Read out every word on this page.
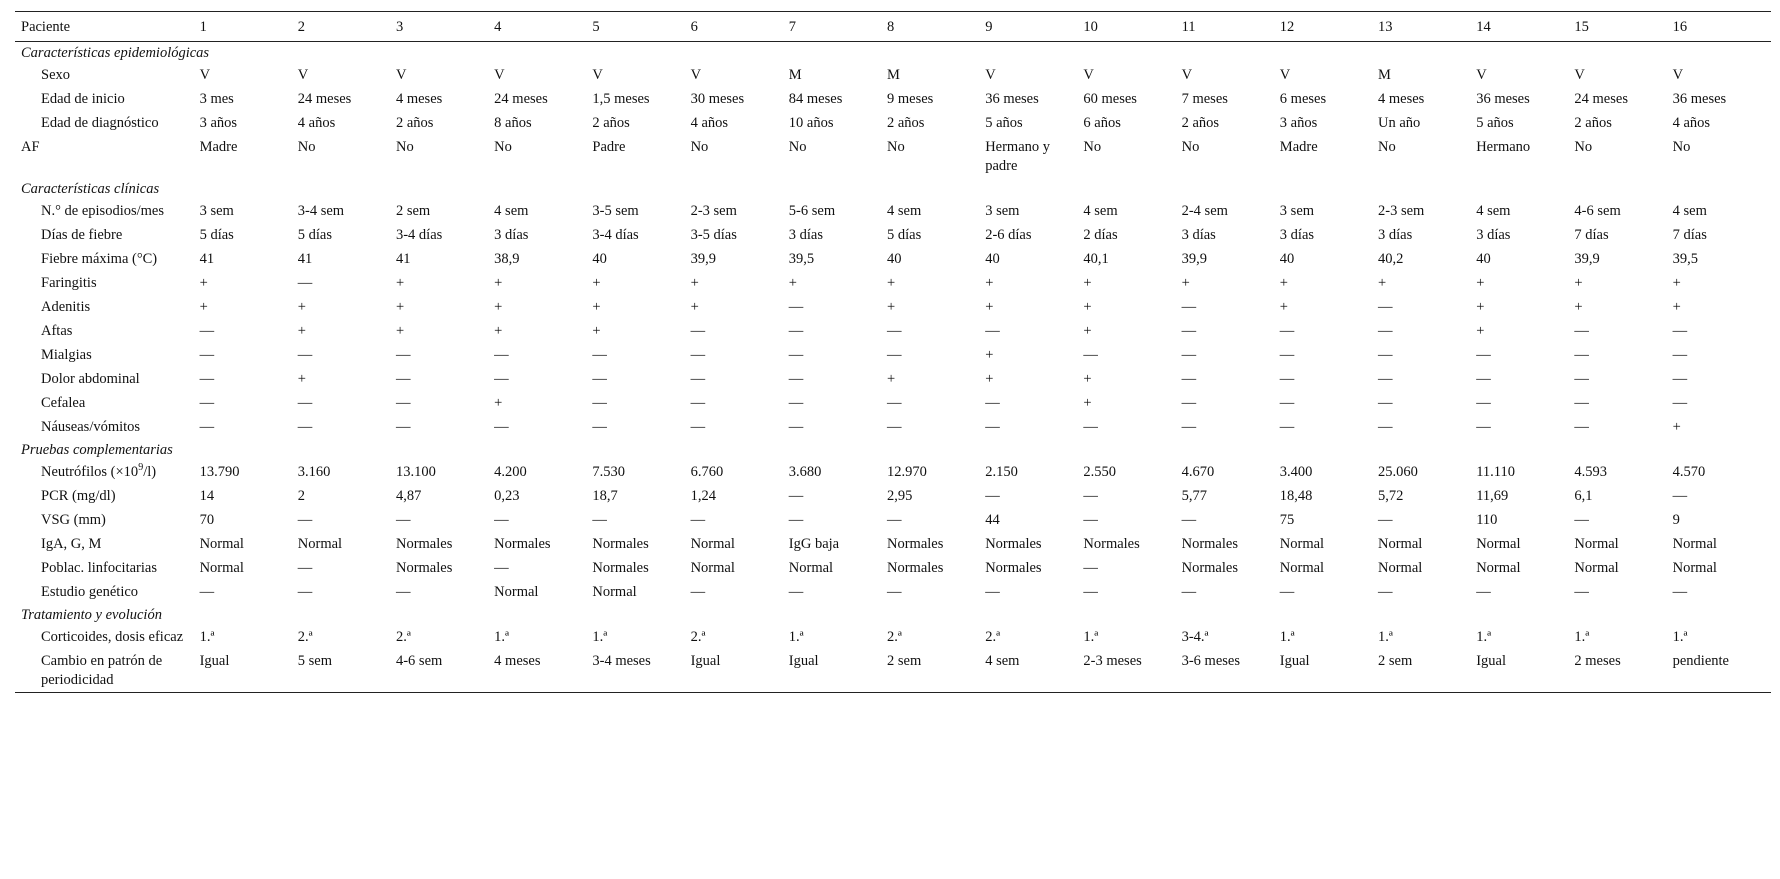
Paciente	1	2	3	4	5	6	7	8	9	10	11	12	13	14	15	16
Características epidemiológicas																
Sexo	V	V	V	V	V	V	M	M	V	V	V	V	M	V	V	V
Edad de inicio	3 mes	24 meses	4 meses	24 meses	1,5 meses	30 meses	84 meses	9 meses	36 meses	60 meses	7 meses	6 meses	4 meses	36 meses	24 meses	36 meses
Edad de diagnóstico	3 años	4 años	2 años	8 años	2 años	4 años	10 años	2 años	5 años	6 años	2 años	3 años	Un año	5 años	2 años	4 años
AF	Madre	No	No	No	Padre	No	No	No	Hermano y padre	No	No	Madre	No	Hermano	No	No
Características clínicas																
N.° de episodios/mes	3 sem	3-4 sem	2 sem	4 sem	3-5 sem	2-3 sem	5-6 sem	4 sem	3 sem	4 sem	2-4 sem	3 sem	2-3 sem	4 sem	4-6 sem	4 sem
Días de fiebre	5 días	5 días	3-4 días	3 días	3-4 días	3-5 días	3 días	5 días	2-6 días	2 días	3 días	3 días	3 días	3 días	7 días	7 días
Fiebre máxima (°C)	41	41	41	38,9	40	39,9	39,5	40	40	40,1	39,9	40	40,2	40	39,9	39,5
Faringitis	+	—	+	+	+	+	+	+	+	+	+	+	+	+	+	+
Adenitis	+	+	+	+	+	+	—	+	+	+	—	+	—	+	+	+
Aftas	—	+	+	+	+	—	—	—	—	+	—	—	—	+	—	—
Mialgias	—	—	—	—	—	—	—	—	+	—	—	—	—	—	—	—
Dolor abdominal	—	+	—	—	—	—	—	+	+	+	—	—	—	—	—	—
Cefalea	—	—	—	+	—	—	—	—	—	+	—	—	—	—	—	—
Náuseas/vómitos	—	—	—	—	—	—	—	—	—	—	—	—	—	—	—	+
Pruebas complementarias																
Neutrófilos $(\times 10^9/l)$	13.790	3.160	13.100	4.200	7.530	6.760	3.680	12.970	2.150	2.550	4.670	3.400	25.060	11.110	4.593	4.570
PCR (mg/dl)	14	2	4,87	0,23	18,7	1,24	—	2,95	—	—	5,77	18,48	5,72	11,69	6,1	—
VSG (mm)	70	—	—	—	—	—	—	—	44	—	—	75	—	110	—	9
IgA, G, M	Normal	Normal	Normales	Normales	Normales	Normal	IgG baja	Normales	Normales	Normales	Normales	Normal	Normal	Normal	Normal	Normal
Poblac. linfocitarias	Normal	—	Normales	—	Normales	Normal	Normal	Normales	Normales	—	Normales	Normal	Normal	Normal	Normal	Normal
Estudio genético	—	—	—	Normal	Normal	—	—	—	—	—	—	—	—	—	—	—
Tratamiento y evolución																
Corticoides, dosis eficaz	1.ª	2.ª	2.ª	1.ª	1.ª	2.ª	1.ª	2.ª	2.ª	1.ª	3-4.ª	1.ª	1.ª	1.ª	1.ª	1.ª
Cambio en patrón de periodicidad	Igual	5 sem	4-6 sem	4 meses	3-4 meses	Igual	Igual	2 sem	4 sem	2-3 meses	3-6 meses	Igual	2 sem	Igual	2 meses	pendiente
